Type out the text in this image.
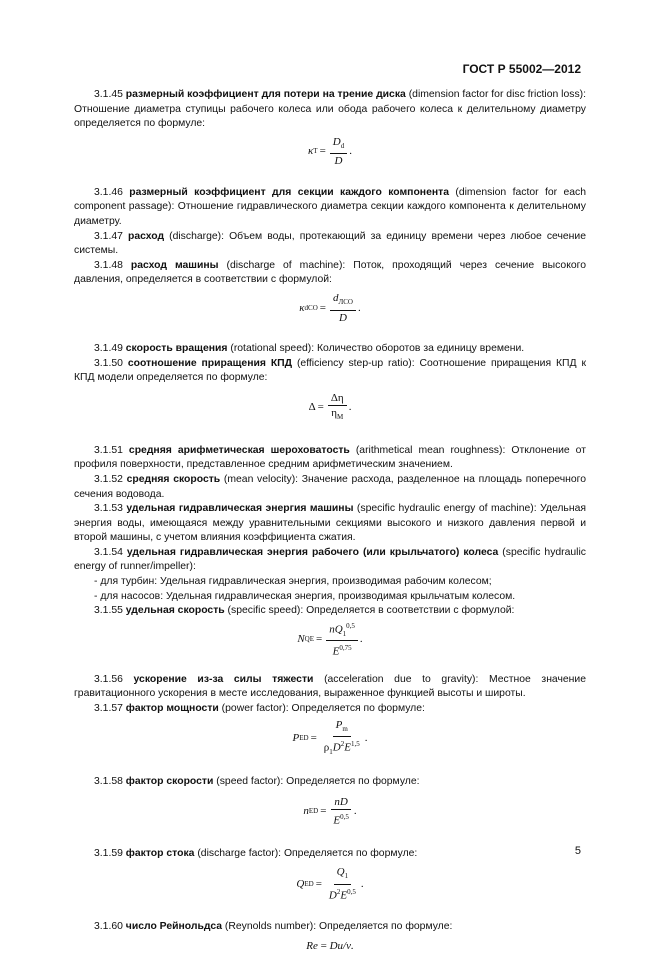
ГОСТ Р 55002—2012

3.1.45 размерный коэффициент для потери на трение диска (dimension factor for disc friction loss): Отношение диаметра ступицы рабочего колеса или обода рабочего колеса к делительному диаметру определяется по формуле:

κ $T = \frac{D_d}{D}$ .

3.1.46 размерный коэффициент для секции каждого компонента (dimension factor for each component passage): Отношение гидравлического диаметра секции каждого компонента к делительному диаметру.

3.1.47 расход (discharge): Объем воды, протекающий за единицу времени через любое сечение системы.

3.1.48 расход машины (discharge of machine): Поток, проходящий через сечение высокого давления, определяется в соответствии с формулой:

κ dCO = $\frac{d_{ЛCO}}{D}$ .

3.1.49 скорость вращения (rotational speed): Количество оборотов за единицу времени.

3.1.50 соотношение приращения КПД (efficiency step-up ratio): Соотношение приращения КПД к КПД модели определяется по формуле:

$\Delta = \frac{\Delta\eta}{\eta_M}$ .

3.1.51 средняя арифметическая шероховатость (arithmetical mean roughness): Отклонение от профиля поверхности, представленное средним арифметическим значением.

3.1.52 средняя скорость (mean velocity): Значение расхода, разделенное на площадь поперечного сечения водовода.

3.1.53 удельная гидравлическая энергия машины (specific hydraulic energy of machine): Удельная энергия воды, имеющаяся между уравнительными секциями высокого и низкого давления первой и второй машины, с учетом влияния коэффициента сжатия.

3.1.54 удельная гидравлическая энергия рабочего (или крыльчатого) колеса (specific hydraulic energy of runner/impeller):

- для турбин: Удельная гидравлическая энергия, производимая рабочим колесом;

- для насосов: Удельная гидравлическая энергия, производимая крыльчатым колесом.

3.1.55 удельная скорость (specific speed): Определяется в соответствии с формулой:

N QE = $\frac{nQ_1^{0,5}}{E^{0,75}}$ .

3.1.56 ускорение из-за силы тяжести (acceleration due to gravity): Местное значение гравитационного ускорения в месте исследования, выраженное функцией высоты и широты.

3.1.57 фактор мощности (power factor): Определяется по формуле:

P ED = $\frac{P_m}{\rho_1D^2E^{1,5}}$ .

3.1.58 фактор скорости (speed factor): Определяется по формуле:

n ED = $\frac{nD}{E^{0,5}}$ .

3.1.59 фактор стока (discharge factor): Определяется по формуле:

Q ED = $\frac{Q_1}{D^2E^{0,5}}$ .

3.1.60 число Рейнольдса (Reynolds number): Определяется по формуле:

Re = Du/ν.
5
